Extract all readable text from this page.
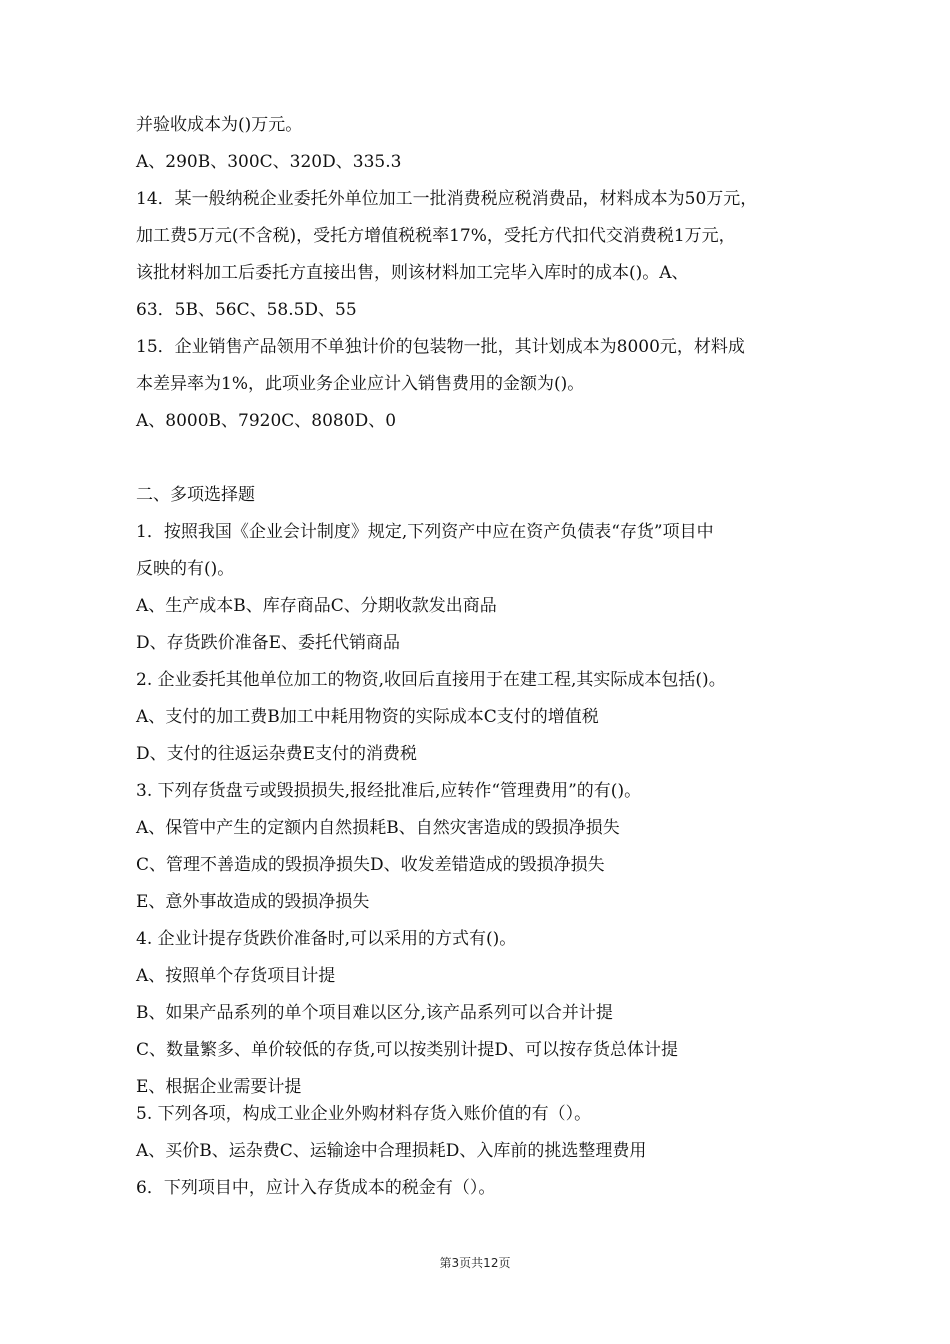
并验收成本为()万元。
A、290B、300C、320D、335.3
14．某一般纳税企业委托外单位加工一批消费税应税消费品，材料成本为50万元，
加工费5万元(不含税)，受托方增值税税率17%，受托方代扣代交消费税1万元，
该批材料加工后委托方直接出售，则该材料加工完毕入库时的成本()。A、
63．5B、56C、58.5D、55
15．企业销售产品领用不单独计价的包装物一批，其计划成本为8000元，材料成
本差异率为1%，此项业务企业应计入销售费用的金额为()。
A、8000B、7920C、8080D、0
二、多项选择题
1．按照我国《企业会计制度》规定,下列资产中应在资产负债表“存货”项目中
反映的有()。
A、生产成本B、库存商品C、分期收款发出商品
D、存货跌价准备E、委托代销商品
2. 企业委托其他单位加工的物资,收回后直接用于在建工程,其实际成本包括()。
A、支付的加工费B加工中耗用物资的实际成本C支付的增值税
D、支付的往返运杂费E支付的消费税
3. 下列存货盘亏或毁损损失,报经批准后,应转作“管理费用”的有()。
A、保管中产生的定额内自然损耗B、自然灾害造成的毁损净损失
C、管理不善造成的毁损净损失D、收发差错造成的毁损净损失
E、意外事故造成的毁损净损失
4. 企业计提存货跌价准备时,可以采用的方式有()。
A、按照单个存货项目计提
B、如果产品系列的单个项目难以区分,该产品系列可以合并计提
C、数量繁多、单价较低的存货,可以按类别计提D、可以按存货总体计提
E、根据企业需要计提
5. 下列各项，构成工业企业外购材料存货入账价值的有（）。
A、买价B、运杂费C、运输途中合理损耗D、入库前的挑选整理费用
6．下列项目中，应计入存货成本的税金有（）。
第3页共12页
